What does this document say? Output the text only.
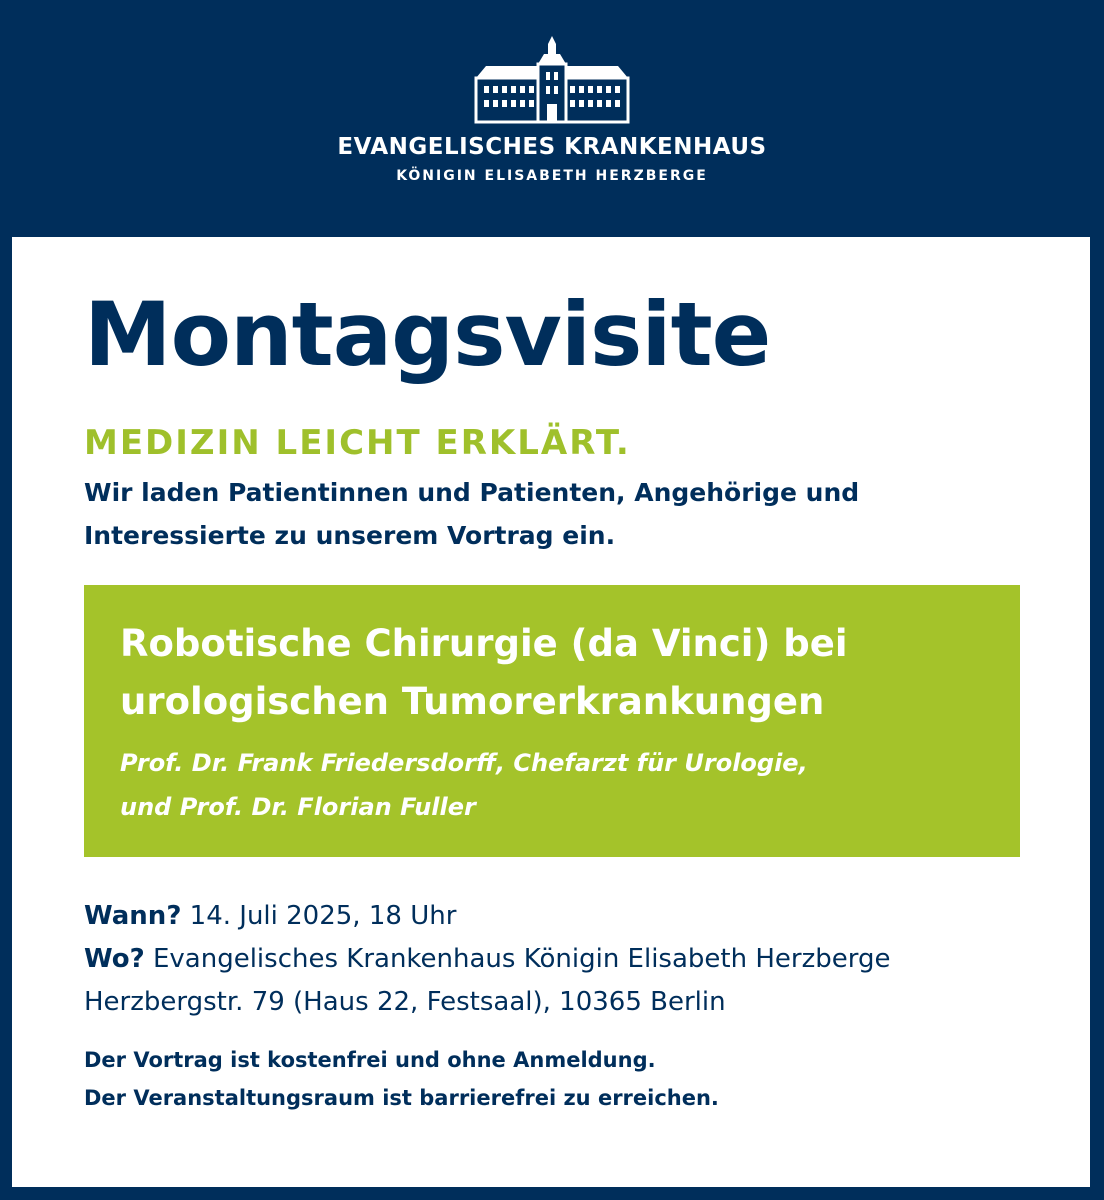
EVANGELISCHES KRANKENHAUS
KÖNIGIN ELISABETH HERZBERGE
Montagsvisite
MEDIZIN LEICHT ERKLÄRT.
Wir laden Patientinnen und Patienten, Angehörige und
Interessierte zu unserem Vortrag ein.
Robotische Chirurgie (da Vinci) bei
urologischen Tumorerkrankungen
Prof. Dr. Frank Friedersdorff, Chefarzt für Urologie,
und Prof. Dr. Florian Fuller
Wann? 14. Juli 2025, 18 Uhr
Wo? Evangelisches Krankenhaus Königin Elisabeth Herzberge
Herzbergstr. 79 (Haus 22, Festsaal), 10365 Berlin
Der Vortrag ist kostenfrei und ohne Anmeldung.
Der Veranstaltungsraum ist barrierefrei zu erreichen.
